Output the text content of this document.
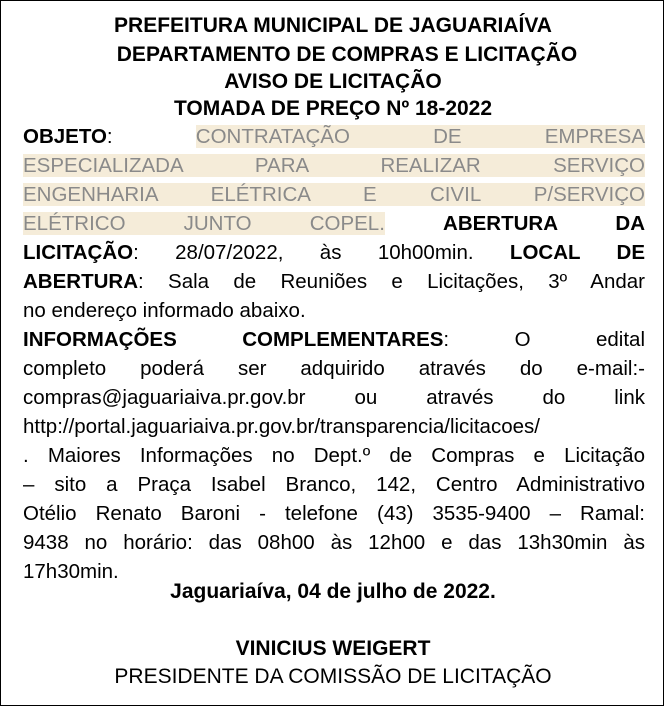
PREFEITURA MUNICIPAL DE JAGUARIAÍVA
DEPARTAMENTO DE COMPRAS E LICITAÇÃO
AVISO DE LICITAÇÃO
TOMADA DE PREÇO Nº 18-2022
OBJETO:	CONTRATAÇÃO DE EMPRESA
ESPECIALIZADA PARA REALIZAR SERVIÇO
ENGENHARIA ELÉTRICA E CIVIL P/SERVIÇO
ELÉTRICO JUNTO COPEL.	ABERTURA DA
LICITAÇÃO: 28/07/2022, às 10h00min. LOCAL DE
ABERTURA: Sala de Reuniões e Licitações, 3º Andar
no endereço informado abaixo.
INFORMAÇÕES COMPLEMENTARES: O edital
completo poderá ser adquirido através do e-mail:-
compras@jaguariaiva.pr.gov.br ou através do link
http://portal.jaguariaiva.pr.gov.br/transparencia/licitacoes/
. Maiores Informações no Dept.º de Compras e Licitação
– sito a Praça Isabel Branco, 142, Centro Administrativo
Otélio Renato Baroni - telefone (43) 3535-9400 – Ramal:
9438 no horário: das 08h00 às 12h00 e das 13h30min às
17h30min.
Jaguariaíva, 04 de julho de 2022.
VINICIUS WEIGERT
PRESIDENTE DA COMISSÃO DE LICITAÇÃO
